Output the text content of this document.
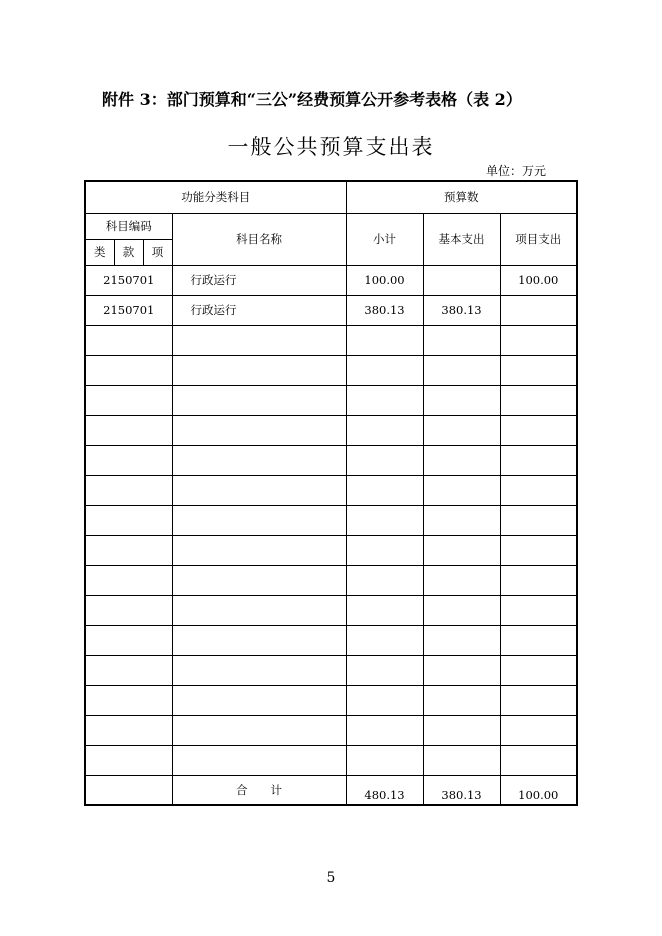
附件 3：部门预算和“三公”经费预算公开参考表格（表 2）
一般公共预算支出表
单位：万元
功能分类科目				预算数		
科目编码			科目名称	小计	基本支出	项目支出
类	款	项				
2150701			行政运行	100.00		100.00
2150701			行政运行	380.13	380.13	

			合　　计	480.13	380.13	100.00
5
